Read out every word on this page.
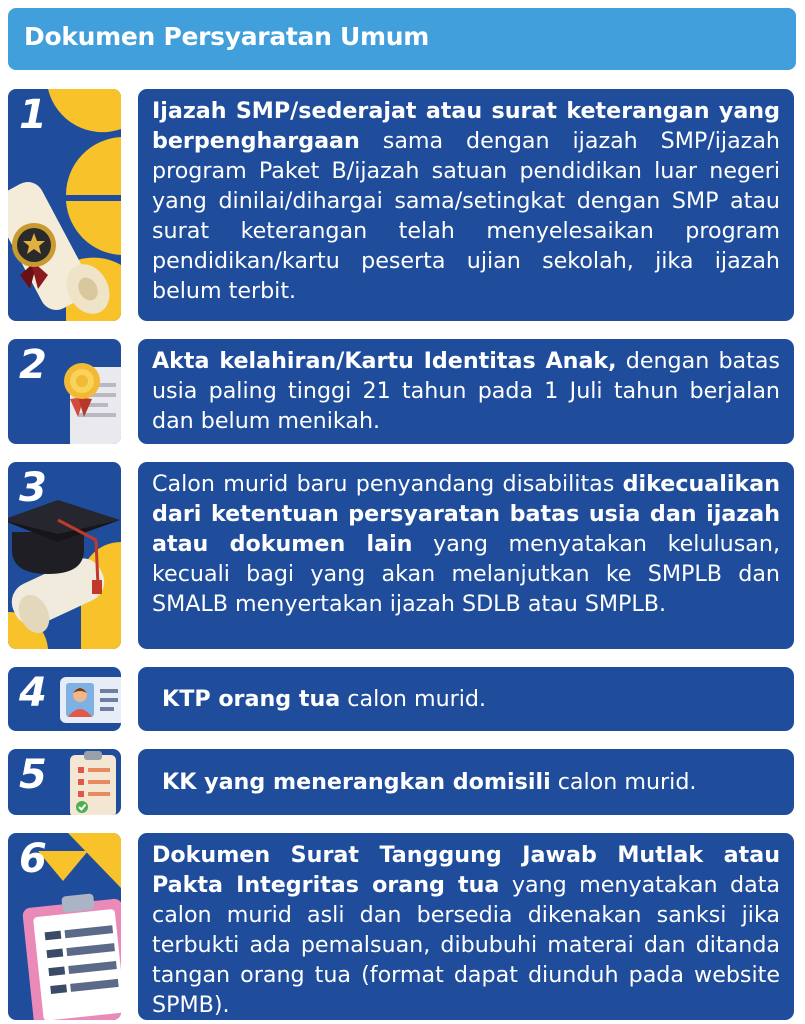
Dokumen Persyaratan Umum
1	Ijazah SMP/sederajat atau surat keterangan yang berpenghargaan sama dengan ijazah SMP/ijazah program Paket B/ijazah satuan pendidikan luar negeri yang dinilai/dihargai sama/setingkat dengan SMP atau surat keterangan telah menyelesaikan program pendidikan/kartu peserta ujian sekolah, jika ijazah belum terbit.
2	Akta kelahiran/Kartu Identitas Anak, dengan batas usia paling tinggi 21 tahun pada 1 Juli tahun berjalan dan belum menikah.
3	Calon murid baru penyandang disabilitas dikecualikan dari ketentuan persyaratan batas usia dan ijazah atau dokumen lain yang menyatakan kelulusan, kecuali bagi yang akan melanjutkan ke SMPLB dan SMALB menyertakan ijazah SDLB atau SMPLB.
4	KTP orang tua calon murid.
5	KK yang menerangkan domisili calon murid.
6	Dokumen Surat Tanggung Jawab Mutlak atau Pakta Integritas orang tua yang menyatakan data calon murid asli dan bersedia dikenakan sanksi jika terbukti ada pemalsuan, dibubuhi materai dan ditanda tangan orang tua (format dapat diunduh pada website SPMB).
